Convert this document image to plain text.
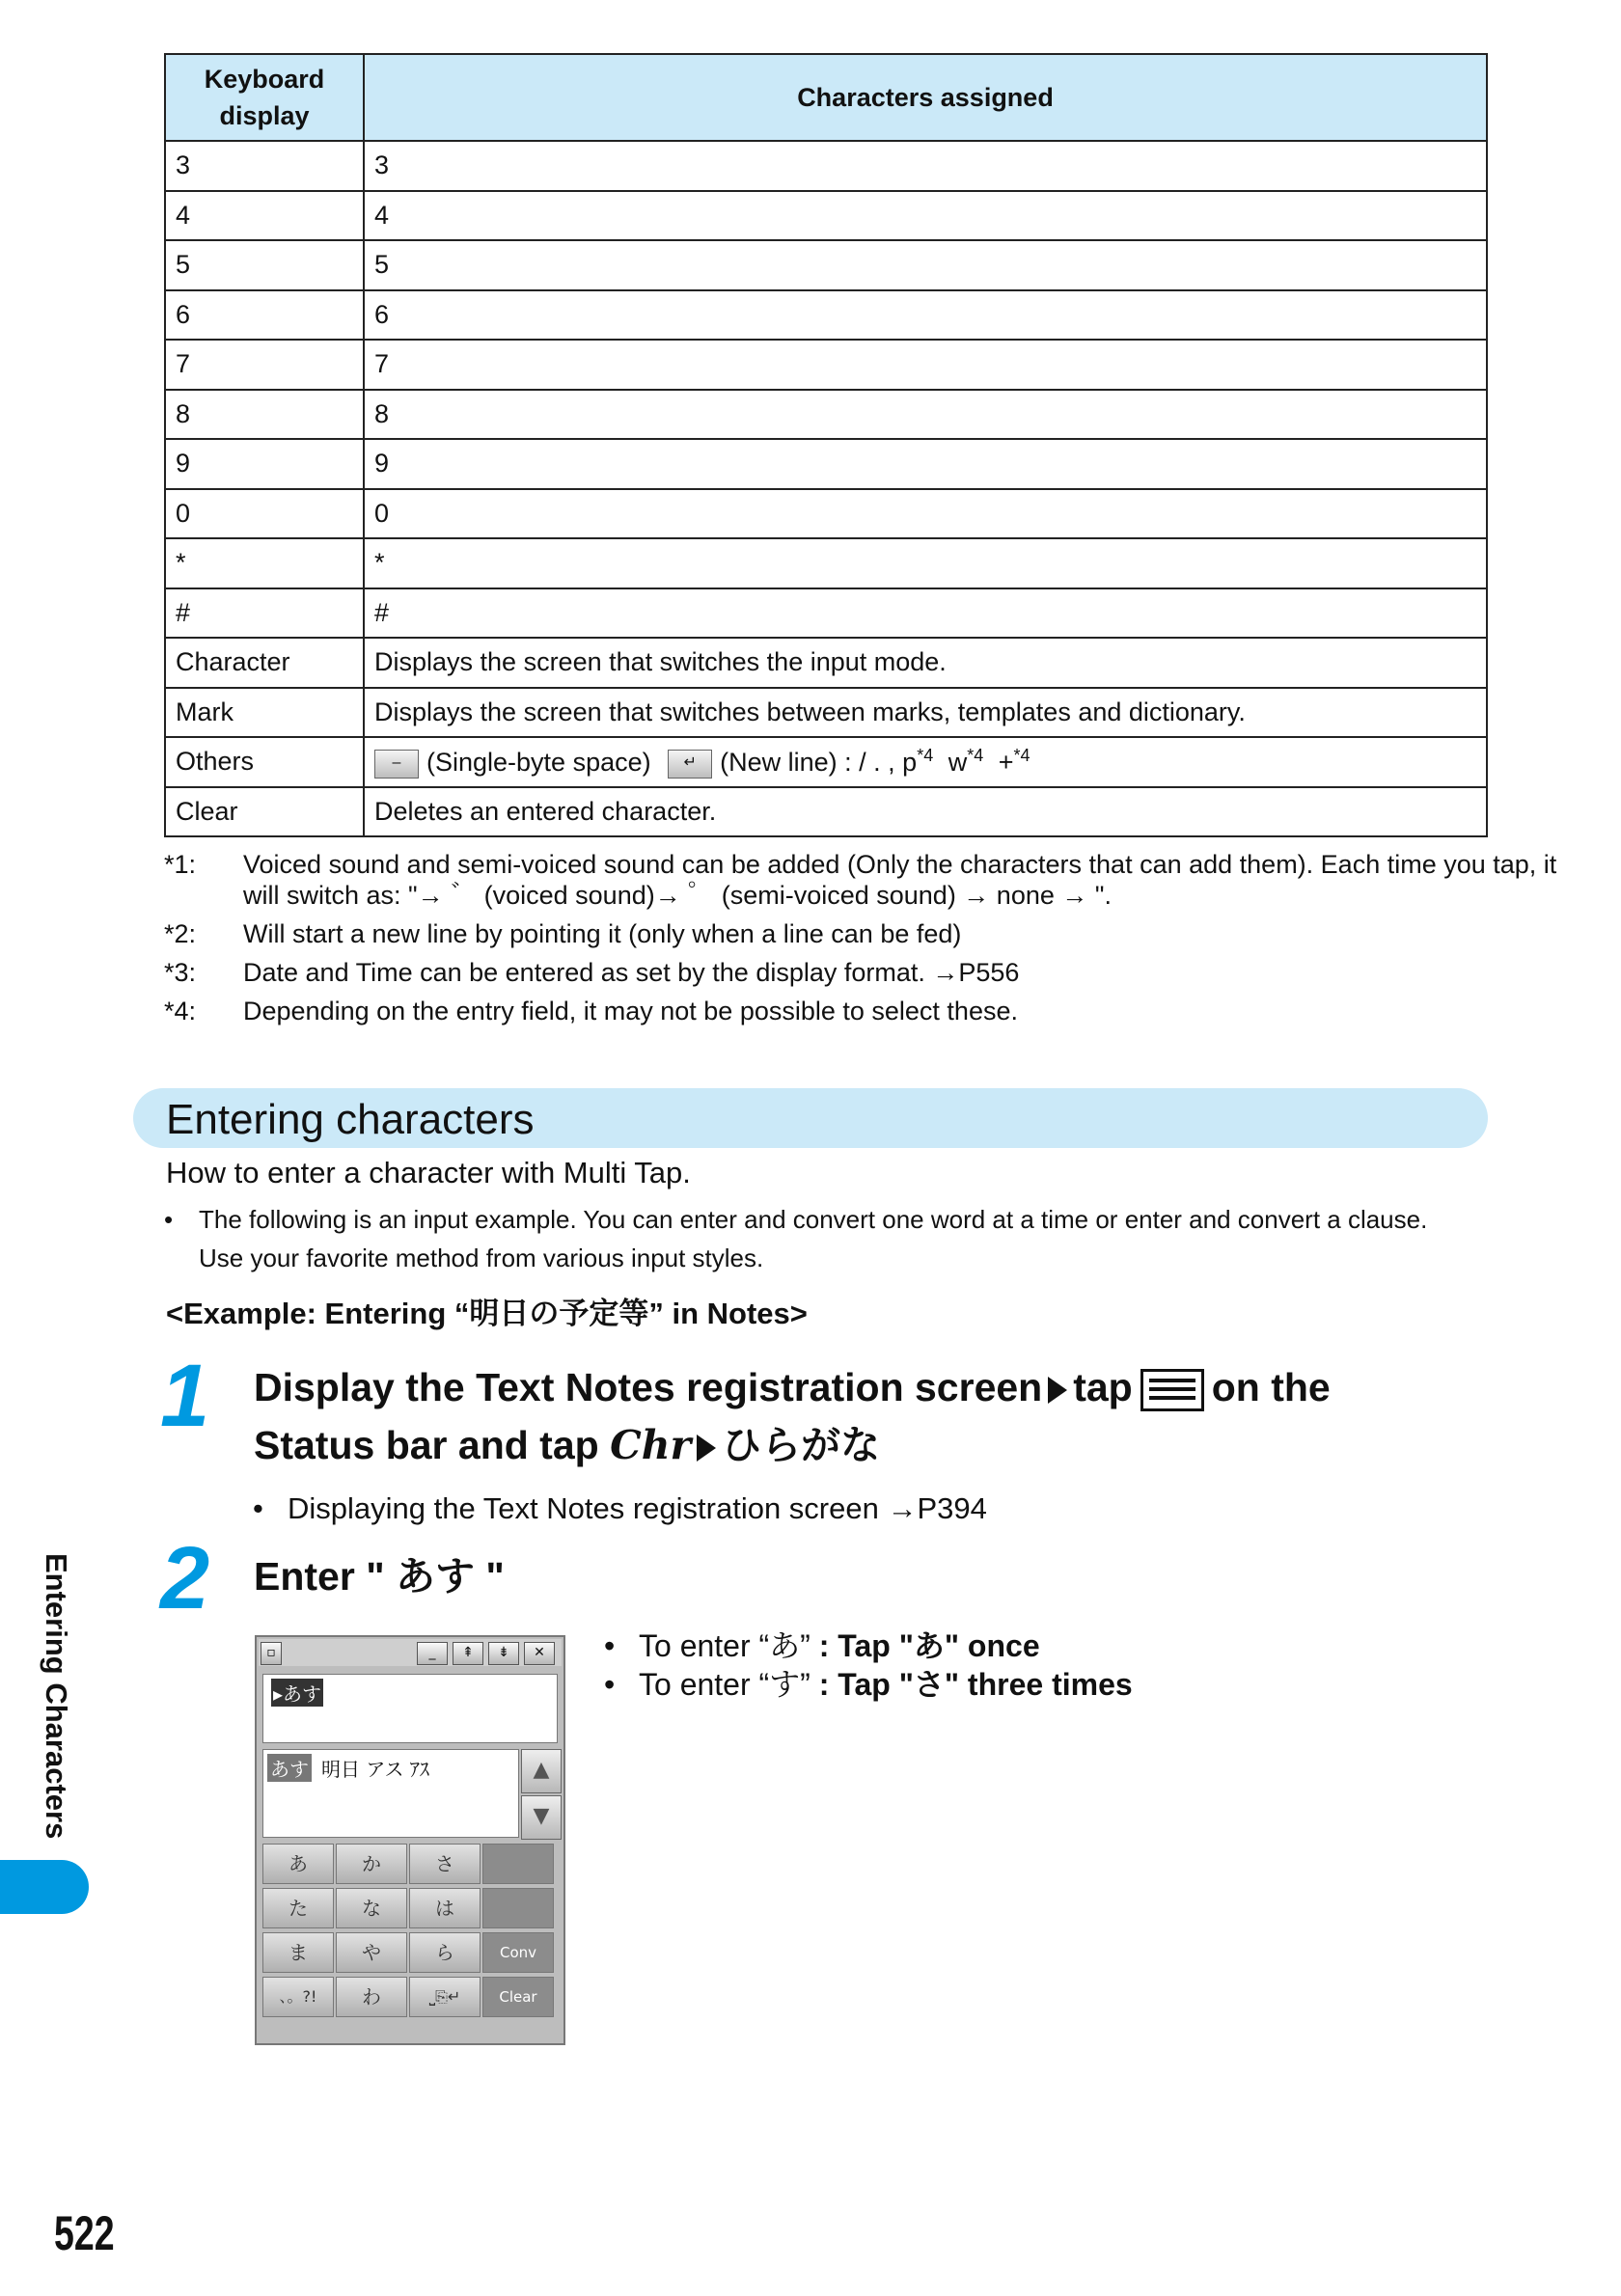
Keyboard display	Characters assigned
3	3
4	4
5	5
6	6
7	7
8	8
9	9
0	0
*	*
#	#
Character	Displays the screen that switches the input mode.
Mark	Displays the screen that switches between marks, templates and dictionary.
Others	– (Single-byte space) ↵ (New line) : / . , $p^{*4}$ $w^{*4} +^{*4}$
Clear	Deletes an entered character.
*1: Voiced sound and semi-voiced sound can be added (Only the characters that can add them). Each time you tap, it will switch as: "→ ゛ (voiced sound)→ ゜ (semi-voiced sound) → none → ".
*2: Will start a new line by pointing it (only when a line can be fed)
*3: Date and Time can be entered as set by the display format. →P556
*4: Depending on the entry field, it may not be possible to select these.
Entering characters
How to enter a character with Multi Tap.
• The following is an input example. You can enter and convert one word at a time or enter and convert a clause.
Use your favorite method from various input styles.
<Example: Entering “明日の予定等” in Notes>
1 Display the Text Notes registration screen tap on the
Status bar and tap Chr ひらがな
• Displaying the Text Notes registration screen →P394
2 Enter " あす "
▫	_	⇞	⇟	✕
▸あす
あす 明日 アス ｱｽ	▲
▼
あ	か	さ
た	な	は
ま	や	ら	Conv
、。?!	わ	⎵⎘↵	Clear
• To enter “あ” : Tap "あ" once
• To enter “す” : Tap "さ" three times
Entering Characters
522
